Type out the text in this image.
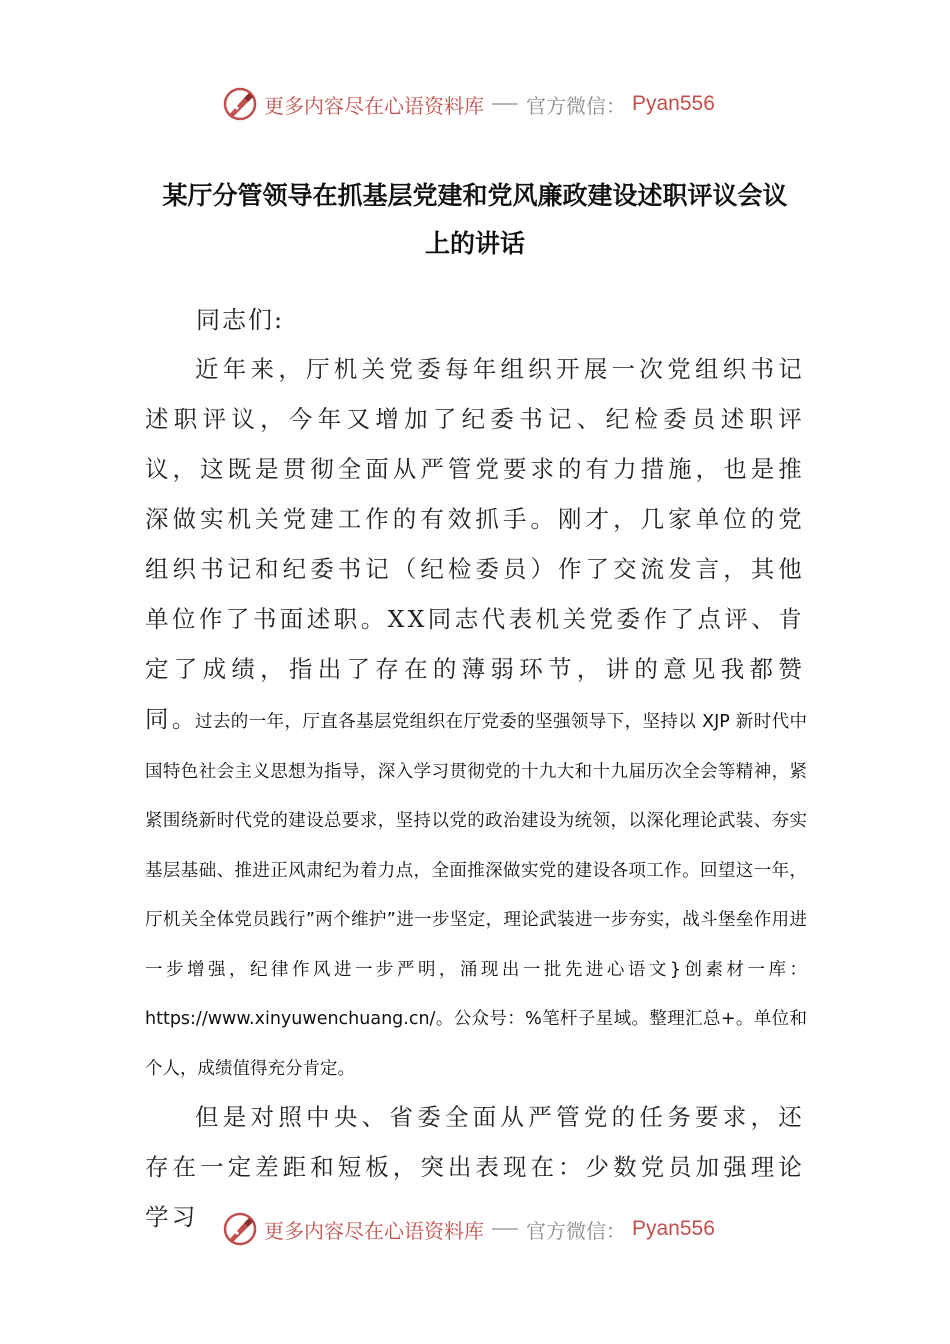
更多内容尽在心语资料库 官方微信： Pyan556
某厅分管领导在抓基层党建和党风廉政建设述职评议会议
上的讲话

同志们:

近年来，厅机关党委每年组织开展一次党组织书记述职评议，今年又增加了纪委书记、纪检委员述职评议，这既是贯彻全面从严管党要求的有力措施，也是推深做实机关党建工作的有效抓手。刚才，几家单位的党组织书记和纪委书记（纪检委员）作了交流发言，其他单位作了书面述职。XX同志代表机关党委作了点评、肯定了成绩，指出了存在的薄弱环节，讲的意见我都赞同。

过去的一年，厅直各基层党组织在厅党委的坚强领导下，坚持以 XJP 新时代中国特色社会主义思想为指导，深入学习贯彻党的十九大和十九届历次全会等精神，紧紧围绕新时代党的建设总要求，坚持以党的政治建设为统领，以深化理论武装、夯实基层基础、推进正风肃纪为着力点，全面推深做实党的建设各项工作。回望这一年，厅机关全体党员践行”两个维护”进一步坚定，理论武装进一步夯实，战斗堡垒作用进一步增强，纪律作风进一步严明，涌现出一批先进心语文}创素材一库：https://www.xinyuwenchuang.cn/。公众号：%笔杆子星域。整理汇总+。单位和个人，成绩值得充分肯定。

但是对照中央、省委全面从严管党的任务要求，还存在一定差距和短板，突出表现在：少数党员加强理论学习	更多内容尽在心语资料库 官方微信： Pyan556
